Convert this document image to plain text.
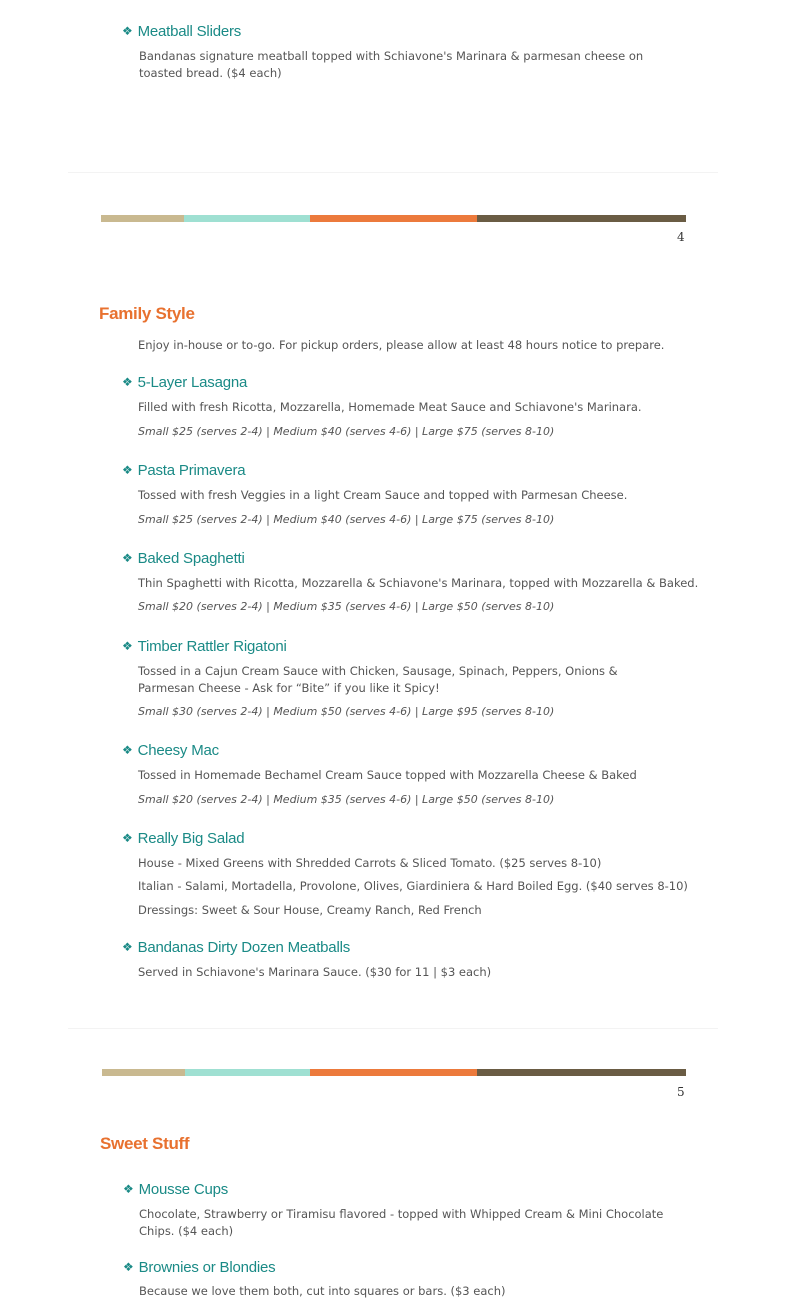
❖ Meatball Sliders
Bandanas signature meatball topped with Schiavone's Marinara & parmesan cheese on toasted bread. ($4 each)
4
Family Style
Enjoy in-house or to-go. For pickup orders, please allow at least 48 hours notice to prepare.
❖ 5-Layer Lasagna
Filled with fresh Ricotta, Mozzarella, Homemade Meat Sauce and Schiavone's Marinara.
Small $25 (serves 2-4) | Medium $40 (serves 4-6) | Large $75 (serves 8-10)
❖ Pasta Primavera
Tossed with fresh Veggies in a light Cream Sauce and topped with Parmesan Cheese.
Small $25 (serves 2-4) | Medium $40 (serves 4-6) | Large $75 (serves 8-10)
❖ Baked Spaghetti
Thin Spaghetti with Ricotta, Mozzarella & Schiavone's Marinara, topped with Mozzarella & Baked.
Small $20 (serves 2-4) | Medium $35 (serves 4-6) | Large $50 (serves 8-10)
❖ Timber Rattler Rigatoni
Tossed in a Cajun Cream Sauce with Chicken, Sausage, Spinach, Peppers, Onions & Parmesan Cheese - Ask for “Bite” if you like it Spicy!
Small $30 (serves 2-4) | Medium $50 (serves 4-6) | Large $95 (serves 8-10)
❖ Cheesy Mac
Tossed in Homemade Bechamel Cream Sauce topped with Mozzarella Cheese & Baked
Small $20 (serves 2-4) | Medium $35 (serves 4-6) | Large $50 (serves 8-10)
❖ Really Big Salad
House - Mixed Greens with Shredded Carrots & Sliced Tomato. ($25 serves 8-10)
Italian - Salami, Mortadella, Provolone, Olives, Giardiniera & Hard Boiled Egg. ($40 serves 8-10)
Dressings: Sweet & Sour House, Creamy Ranch, Red French
❖ Bandanas Dirty Dozen Meatballs
Served in Schiavone's Marinara Sauce. ($30 for 11 | $3 each)
5
Sweet Stuff
❖ Mousse Cups
Chocolate, Strawberry or Tiramisu flavored - topped with Whipped Cream & Mini Chocolate Chips. ($4 each)
❖ Brownies or Blondies
Because we love them both, cut into squares or bars. ($3 each)
